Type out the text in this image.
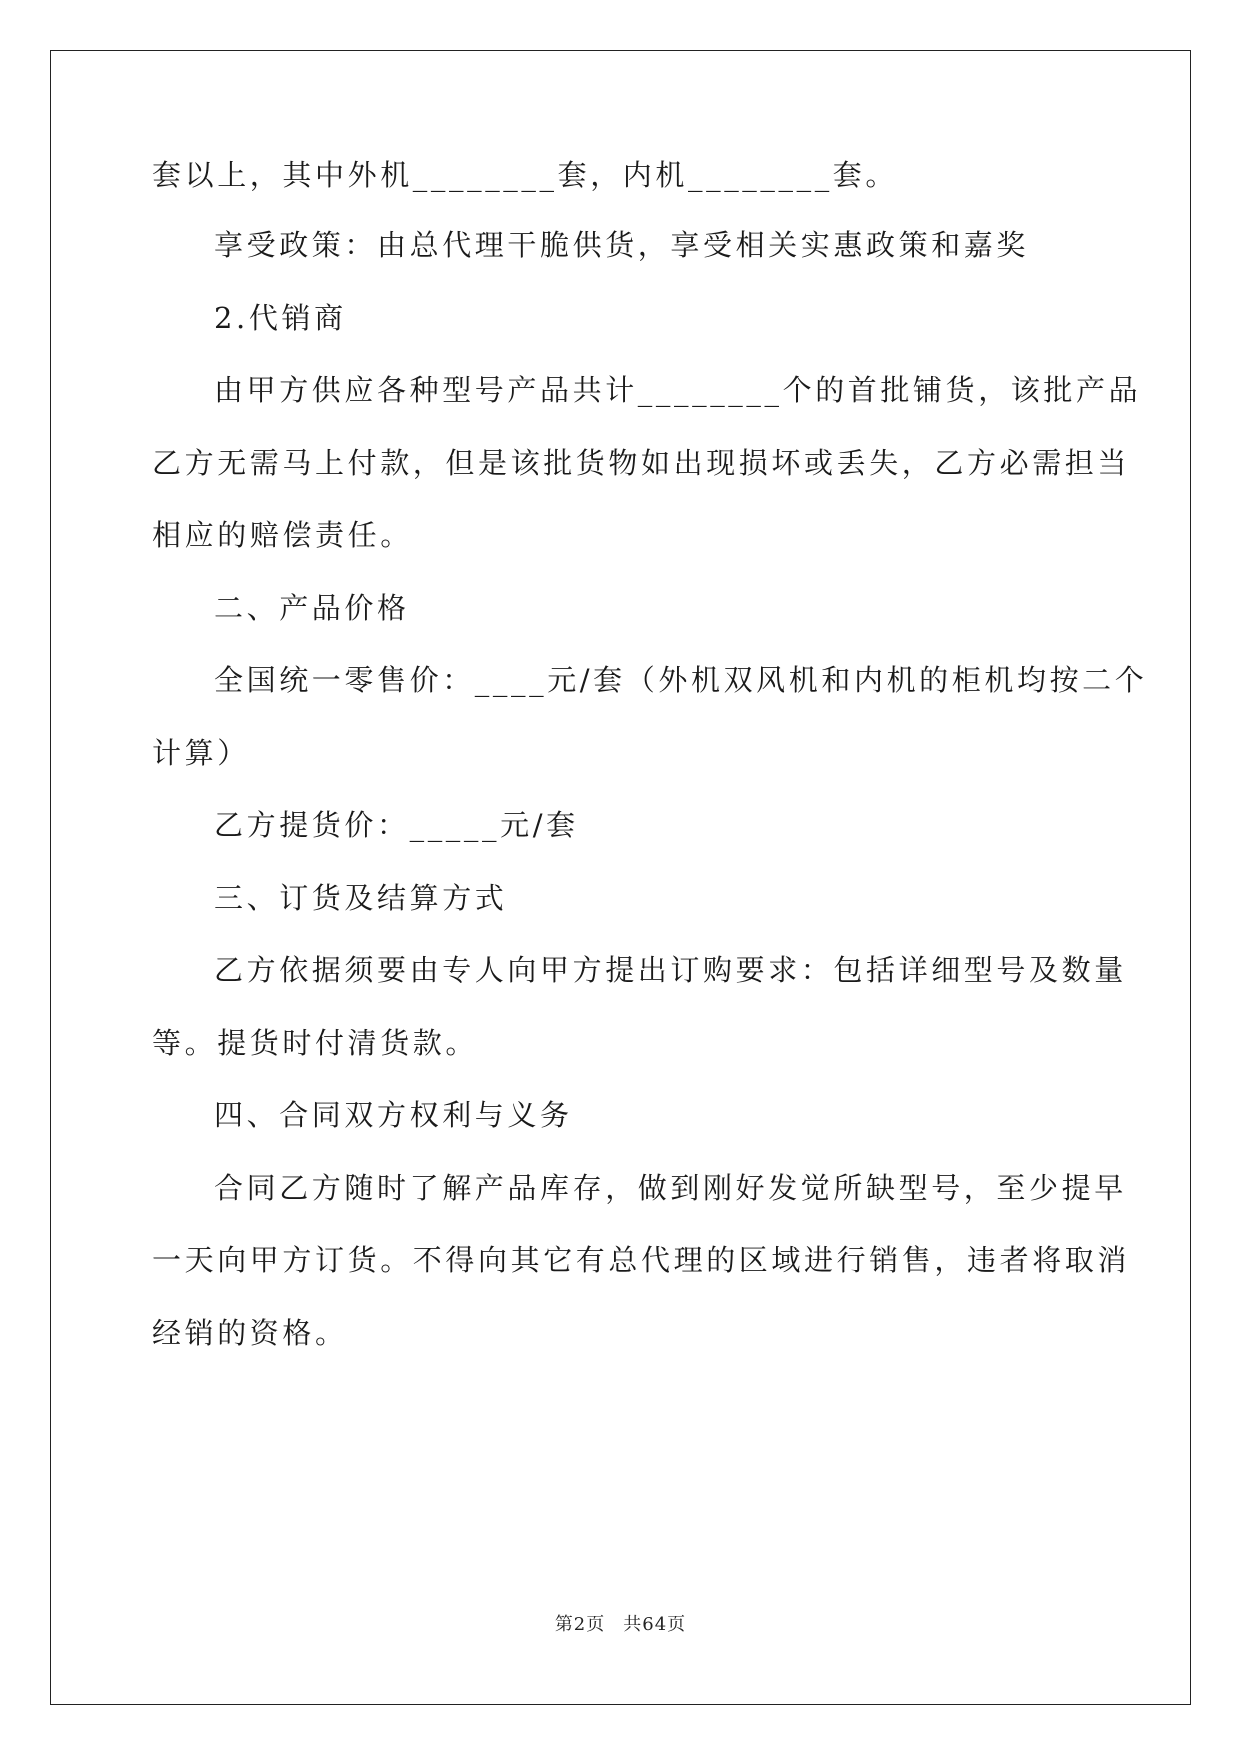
套以上，其中外机________套，内机________套。
享受政策：由总代理干脆供货，享受相关实惠政策和嘉奖
2.代销商
由甲方供应各种型号产品共计________个的首批铺货，该批产品
乙方无需马上付款，但是该批货物如出现损坏或丢失，乙方必需担当
相应的赔偿责任。
二、产品价格
全国统一零售价：____元/套（外机双风机和内机的柜机均按二个
计算）
乙方提货价：_____元/套
三、订货及结算方式
乙方依据须要由专人向甲方提出订购要求：包括详细型号及数量
等。提货时付清货款。
四、合同双方权利与义务
合同乙方随时了解产品库存，做到刚好发觉所缺型号，至少提早
一天向甲方订货。不得向其它有总代理的区域进行销售，违者将取消
经销的资格。
第2页 共64页
